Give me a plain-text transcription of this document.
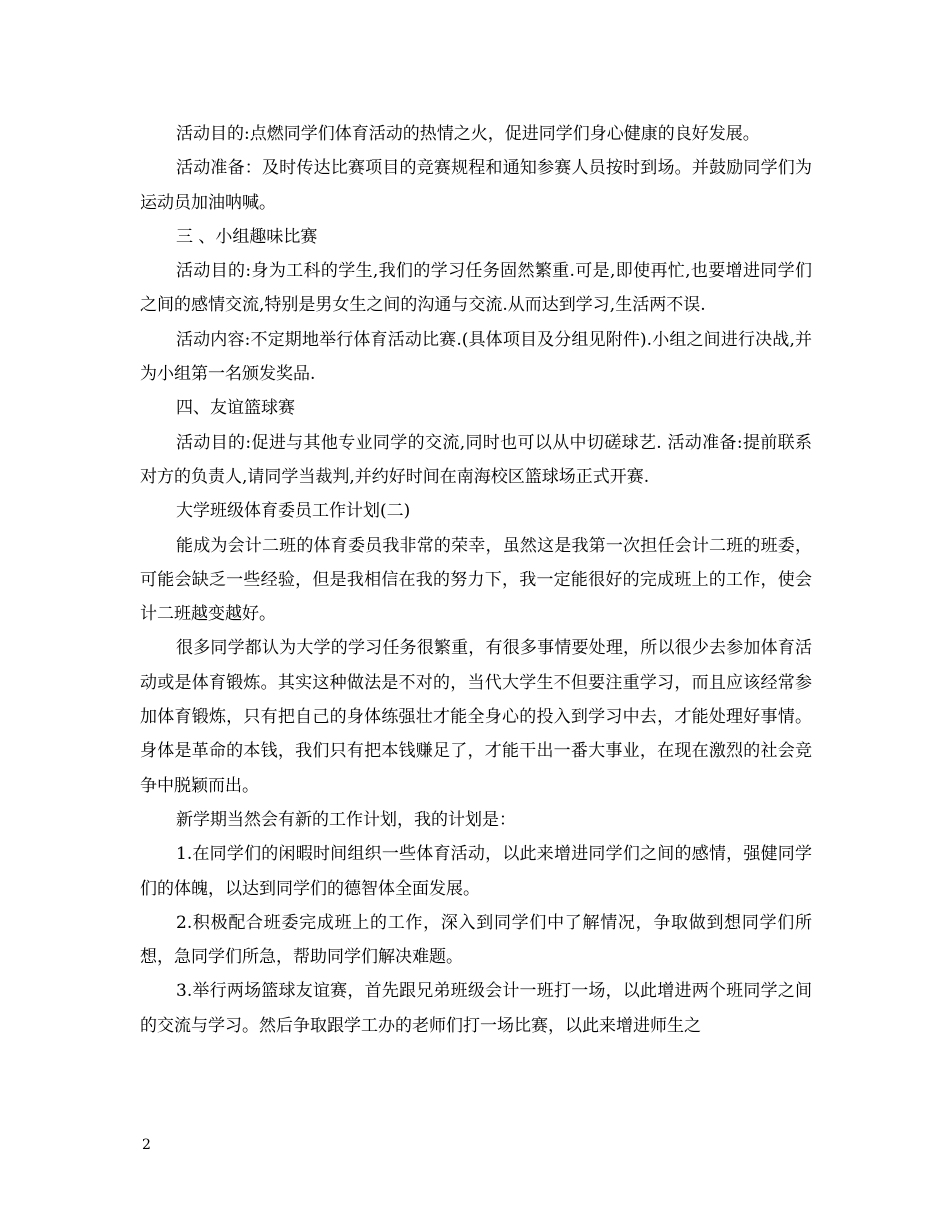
活动目的:点燃同学们体育活动的热情之火，促进同学们身心健康的良好发展。

活动准备：及时传达比赛项目的竞赛规程和通知参赛人员按时到场。并鼓励同学们为运动员加油呐喊。

三 、小组趣味比赛

活动目的:身为工科的学生,我们的学习任务固然繁重.可是,即使再忙,也要增进同学们之间的感情交流,特别是男女生之间的沟通与交流.从而达到学习,生活两不误.

活动内容:不定期地举行体育活动比赛.(具体项目及分组见附件).小组之间进行决战,并为小组第一名颁发奖品.

四、友谊篮球赛

活动目的:促进与其他专业同学的交流,同时也可以从中切磋球艺. 活动准备:提前联系对方的负责人,请同学当裁判,并约好时间在南海校区篮球场正式开赛.

大学班级体育委员工作计划(二)

能成为会计二班的体育委员我非常的荣幸，虽然这是我第一次担任会计二班的班委，可能会缺乏一些经验，但是我相信在我的努力下，我一定能很好的完成班上的工作，使会计二班越变越好。

很多同学都认为大学的学习任务很繁重，有很多事情要处理，所以很少去参加体育活动或是体育锻炼。其实这种做法是不对的，当代大学生不但要注重学习，而且应该经常参加体育锻炼，只有把自己的身体练强壮才能全身心的投入到学习中去，才能处理好事情。身体是革命的本钱，我们只有把本钱赚足了，才能干出一番大事业，在现在激烈的社会竞争中脱颖而出。

新学期当然会有新的工作计划，我的计划是：

1.在同学们的闲暇时间组织一些体育活动，以此来增进同学们之间的感情，强健同学们的体魄，以达到同学们的德智体全面发展。

2.积极配合班委完成班上的工作，深入到同学们中了解情况，争取做到想同学们所想，急同学们所急，帮助同学们解决难题。

3.举行两场篮球友谊赛，首先跟兄弟班级会计一班打一场，以此增进两个班同学之间的交流与学习。然后争取跟学工办的老师们打一场比赛，以此来增进师生之

2
